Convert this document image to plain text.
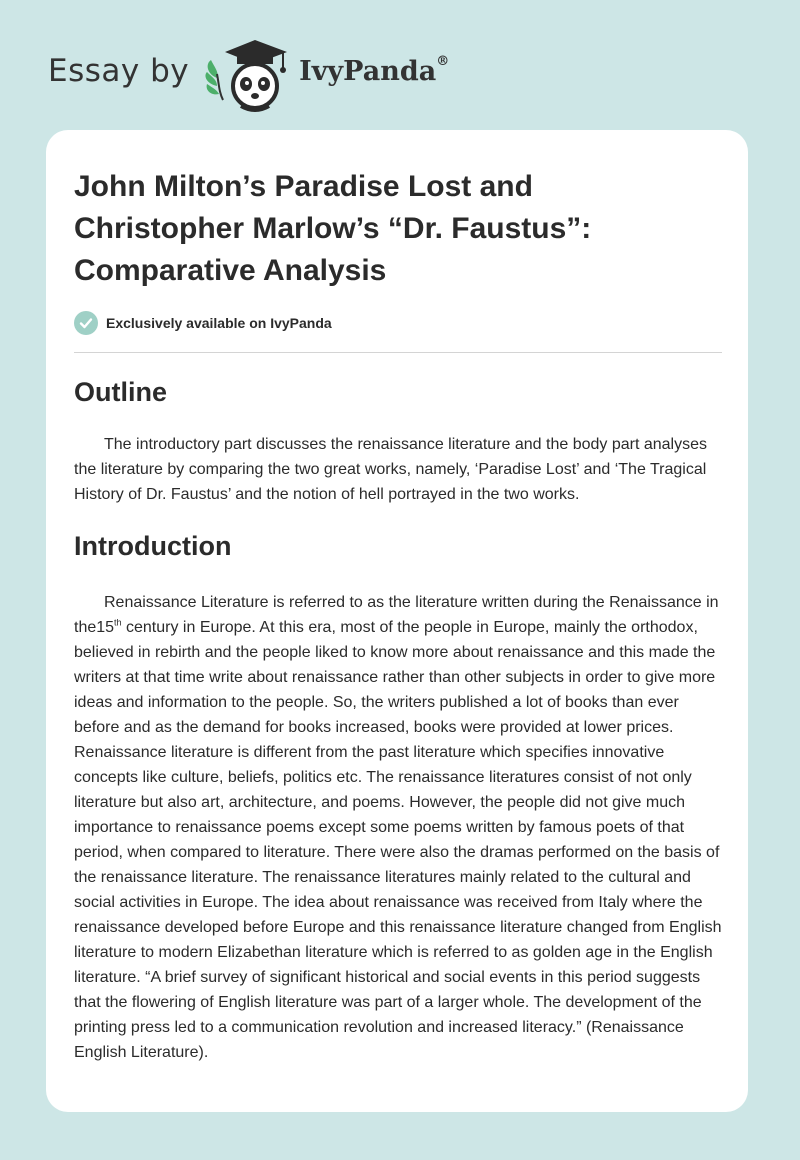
Essay by	IvyPanda®
John Milton’s Paradise Lost and Christopher Marlow’s “Dr. Faustus”: Comparative Analysis
Exclusively available on IvyPanda
Outline

The introductory part discusses the renaissance literature and the body part analyses the literature by comparing the two great works, namely, ‘Paradise Lost’ and ‘The Tragical History of Dr. Faustus’ and the notion of hell portrayed in the two works.

Introduction

Renaissance Literature is referred to as the literature written during the Renaissance in the15th century in Europe. At this era, most of the people in Europe, mainly the orthodox, believed in rebirth and the people liked to know more about renaissance and this made the writers at that time write about renaissance rather than other subjects in order to give more ideas and information to the people. So, the writers published a lot of books than ever before and as the demand for books increased, books were provided at lower prices. Renaissance literature is different from the past literature which specifies innovative concepts like culture, beliefs, politics etc. The renaissance literatures consist of not only literature but also art, architecture, and poems. However, the people did not give much importance to renaissance poems except some poems written by famous poets of that period, when compared to literature. There were also the dramas performed on the basis of the renaissance literature. The renaissance literatures mainly related to the cultural and social activities in Europe. The idea about renaissance was received from Italy where the renaissance developed before Europe and this renaissance literature changed from English literature to modern Elizabethan literature which is referred to as golden age in the English literature. “A brief survey of significant historical and social events in this period suggests that the flowering of English literature was part of a larger whole. The development of the printing press led to a communication revolution and increased literacy.” (Renaissance English Literature).
